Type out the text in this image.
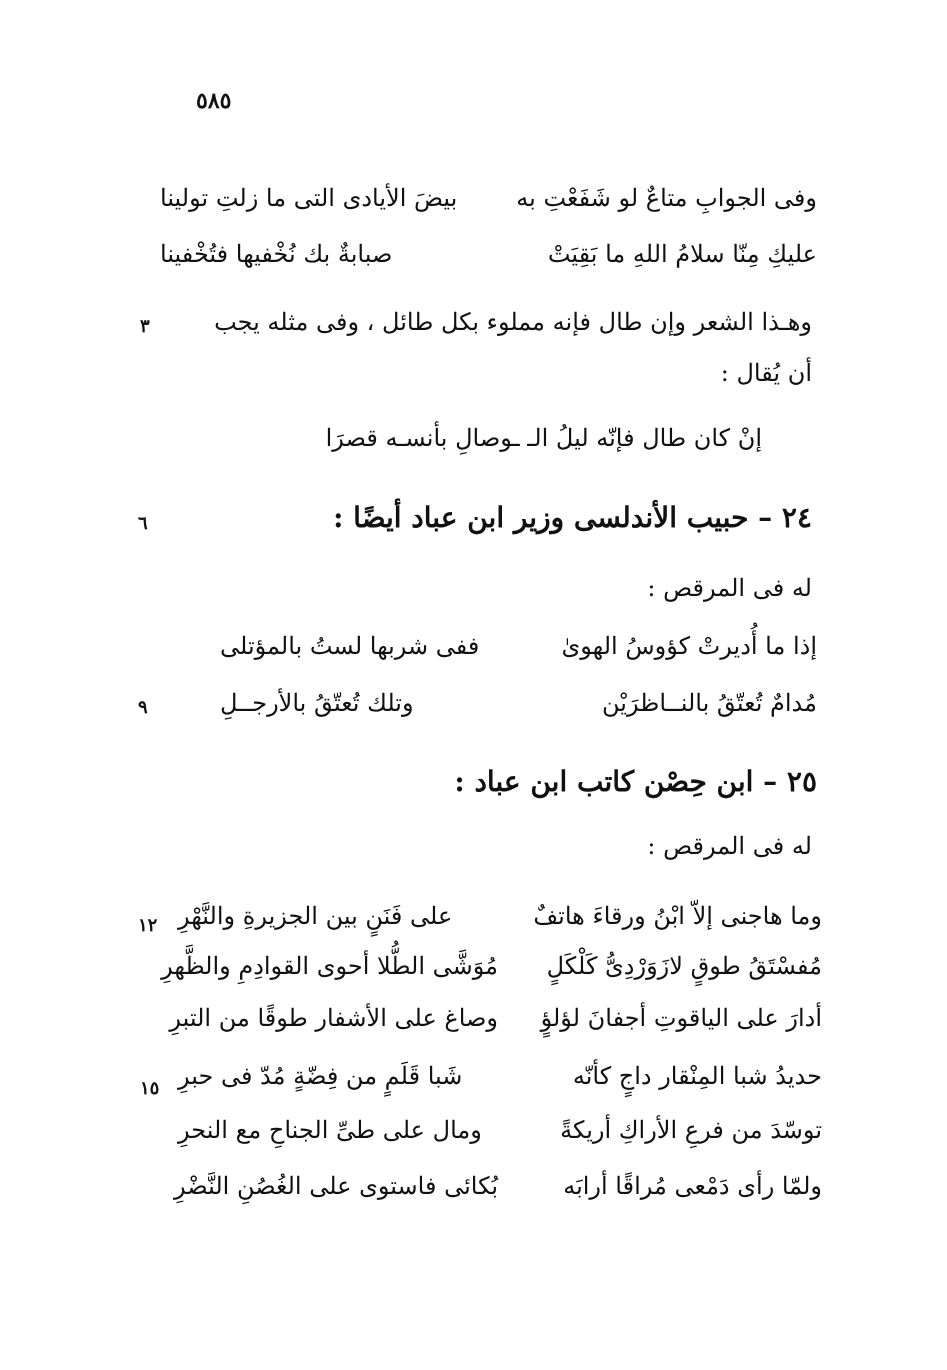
٥٨٥
وفى الجوابِ متاعٌ لو شَفَعْتِ به
بيضَ الأيادى التى ما زلتِ تولينا
عليكِ مِنّا سلامُ اللهِ ما بَقِيَتْ
صبابةٌ بك نُخْفيها فتُخْفينا
وهـذا الشعر وإن طال فإنه مملوء بكل طائل ، وفى مثله يجب
٣
أن يُقال :
إنْ كان طال فإنّه ليلُ الـ ـوصالِ بأنسـه قصرَا
٢٤ – حبيب الأندلسى وزير ابن عباد أيضًا :
٦
له فى المرقص :
إذا ما أُديرتْ كؤوسُ الهوىٰ
ففى شربها لستُ بالمؤتلى
مُدامٌ تُعتّقُ بالنــاظرَيْن
وتلك تُعتّقُ بالأرجــلِ
٩
٢٥ – ابن حِصْن كاتب ابن عباد :
له فى المرقص :
وما هاجنى إلاّ ابْنُ ورقاءَ هاتفٌ
على فَنَنٍ بين الجزيرةِ والنَّهْرِ
١٢
مُفسْتَقُ طوقٍ لازَوَرْدِىُّ كَلْكَلٍ
مُوَشَّى الطُّلا أحوى القوادِمِ والظَّهرِ
أدارَ على الياقوتِ أجفانَ لؤلؤٍ
وصاغ على الأشفار طوقًا من التبرِ
حديدُ شبا المِنْقار داجٍ كأنّه
شَبا قَلَمٍ من فِضّةٍ مُدّ فى حبرِ
١٥
توسّدَ من فرعِ الأراكِ أريكةً
ومال على طىِّ الجناحِ مع النحرِ
ولمّا رأى دَمْعى مُراقًا أرابَه
بُكائى فاستوى على الغُصُنِ النَّضْرِ
